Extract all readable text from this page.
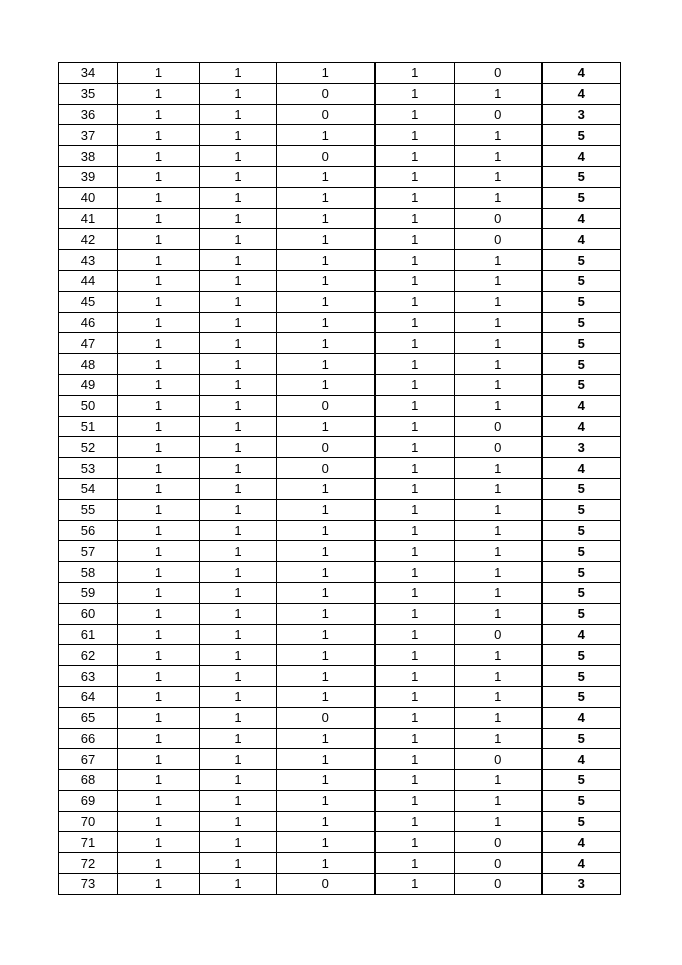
34	1	1	1	1	0	4
35	1	1	0	1	1	4
36	1	1	0	1	0	3
37	1	1	1	1	1	5
38	1	1	0	1	1	4
39	1	1	1	1	1	5
40	1	1	1	1	1	5
41	1	1	1	1	0	4
42	1	1	1	1	0	4
43	1	1	1	1	1	5
44	1	1	1	1	1	5
45	1	1	1	1	1	5
46	1	1	1	1	1	5
47	1	1	1	1	1	5
48	1	1	1	1	1	5
49	1	1	1	1	1	5
50	1	1	0	1	1	4
51	1	1	1	1	0	4
52	1	1	0	1	0	3
53	1	1	0	1	1	4
54	1	1	1	1	1	5
55	1	1	1	1	1	5
56	1	1	1	1	1	5
57	1	1	1	1	1	5
58	1	1	1	1	1	5
59	1	1	1	1	1	5
60	1	1	1	1	1	5
61	1	1	1	1	0	4
62	1	1	1	1	1	5
63	1	1	1	1	1	5
64	1	1	1	1	1	5
65	1	1	0	1	1	4
66	1	1	1	1	1	5
67	1	1	1	1	0	4
68	1	1	1	1	1	5
69	1	1	1	1	1	5
70	1	1	1	1	1	5
71	1	1	1	1	0	4
72	1	1	1	1	0	4
73	1	1	0	1	0	3
